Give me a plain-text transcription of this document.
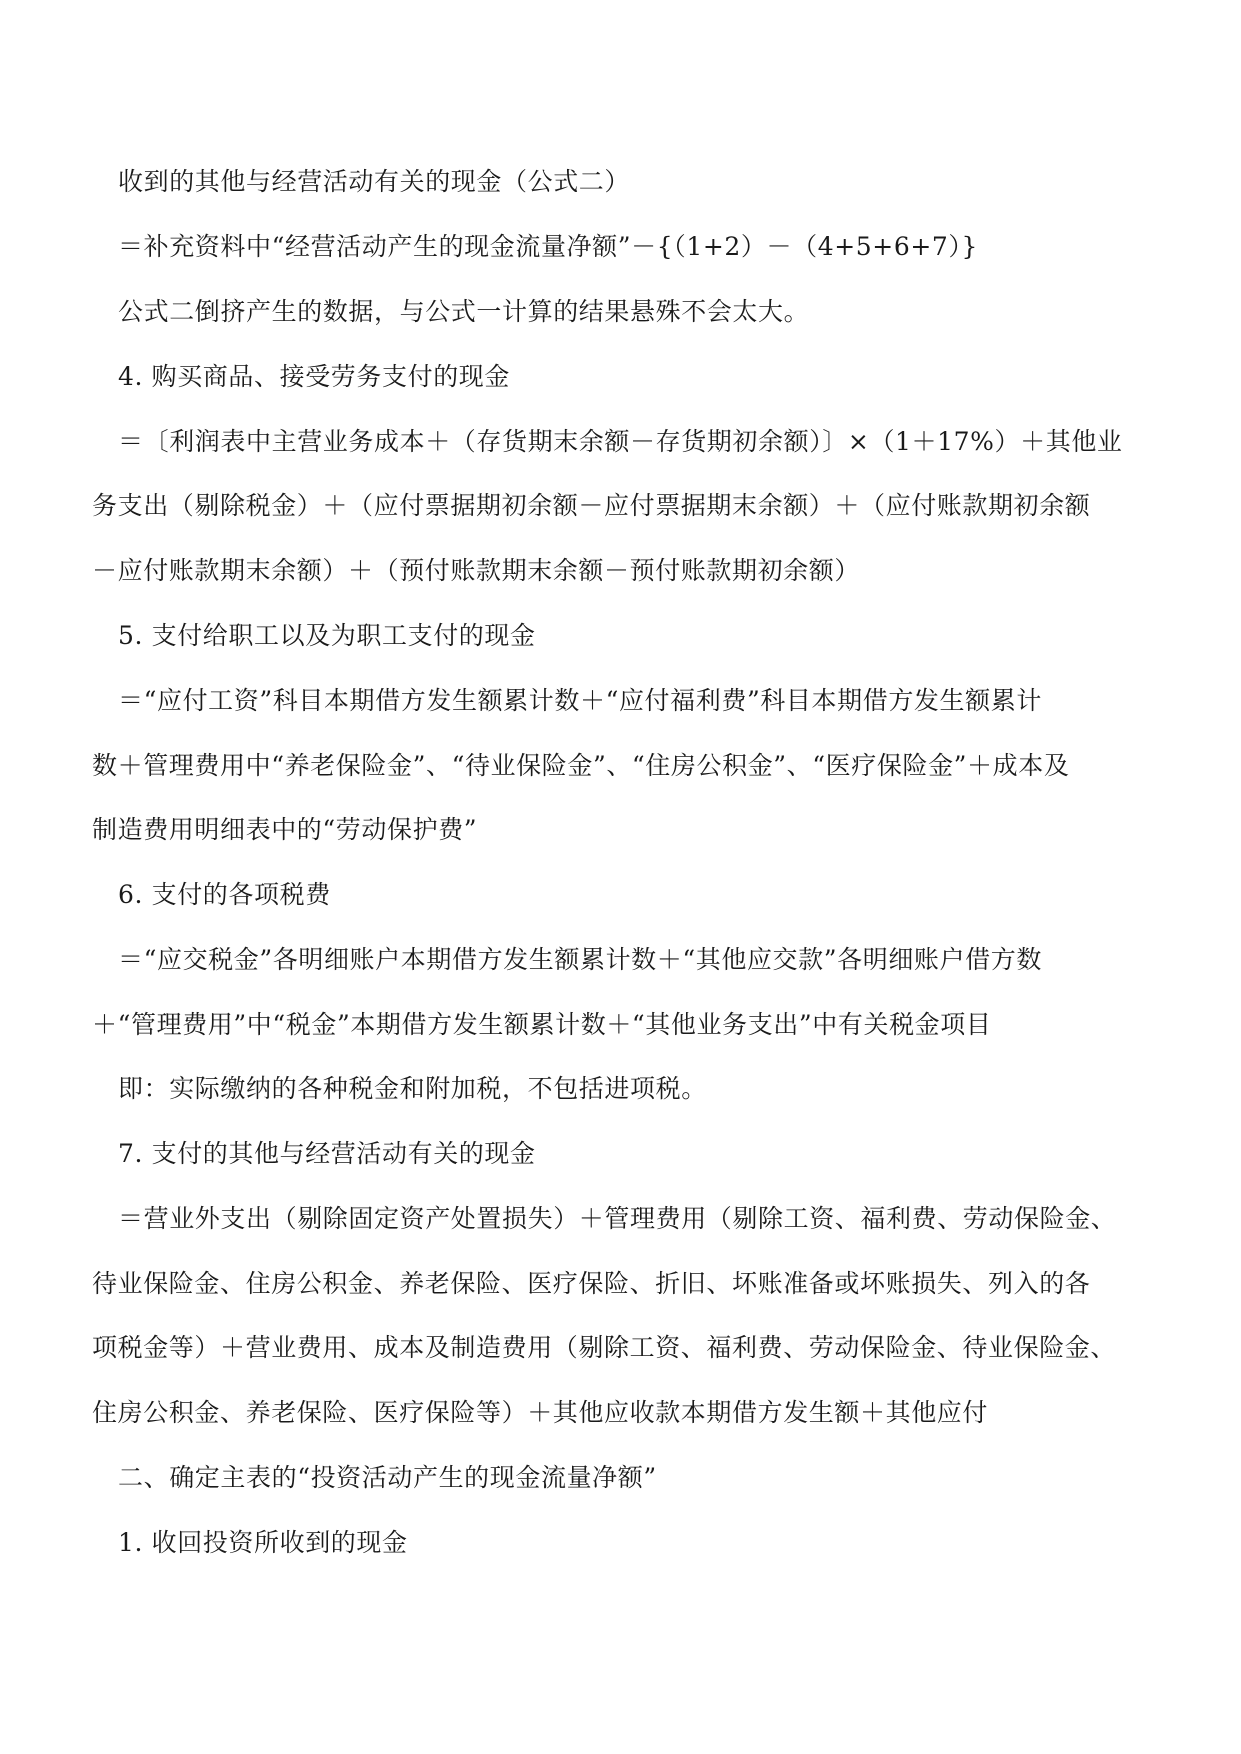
收到的其他与经营活动有关的现金（公式二）
＝补充资料中“经营活动产生的现金流量净额”－{（1+2）－（4+5+6+7）}
公式二倒挤产生的数据，与公式一计算的结果悬殊不会太大。
4. 购买商品、接受劳务支付的现金
＝〔利润表中主营业务成本＋（存货期末余额－存货期初余额）〕×（1＋17%）＋其他业
务支出（剔除税金）＋（应付票据期初余额－应付票据期末余额）＋（应付账款期初余额
－应付账款期末余额）＋（预付账款期末余额－预付账款期初余额）
5. 支付给职工以及为职工支付的现金
＝“应付工资”科目本期借方发生额累计数＋“应付福利费”科目本期借方发生额累计
数＋管理费用中“养老保险金”、“待业保险金”、“住房公积金”、“医疗保险金”＋成本及
制造费用明细表中的“劳动保护费”
6. 支付的各项税费
＝“应交税金”各明细账户本期借方发生额累计数＋“其他应交款”各明细账户借方数
＋“管理费用”中“税金”本期借方发生额累计数＋“其他业务支出”中有关税金项目
即：实际缴纳的各种税金和附加税，不包括进项税。
7. 支付的其他与经营活动有关的现金
＝营业外支出（剔除固定资产处置损失）＋管理费用（剔除工资、福利费、劳动保险金、
待业保险金、住房公积金、养老保险、医疗保险、折旧、坏账准备或坏账损失、列入的各
项税金等）＋营业费用、成本及制造费用（剔除工资、福利费、劳动保险金、待业保险金、
住房公积金、养老保险、医疗保险等）＋其他应收款本期借方发生额＋其他应付
二、确定主表的“投资活动产生的现金流量净额”
1. 收回投资所收到的现金
